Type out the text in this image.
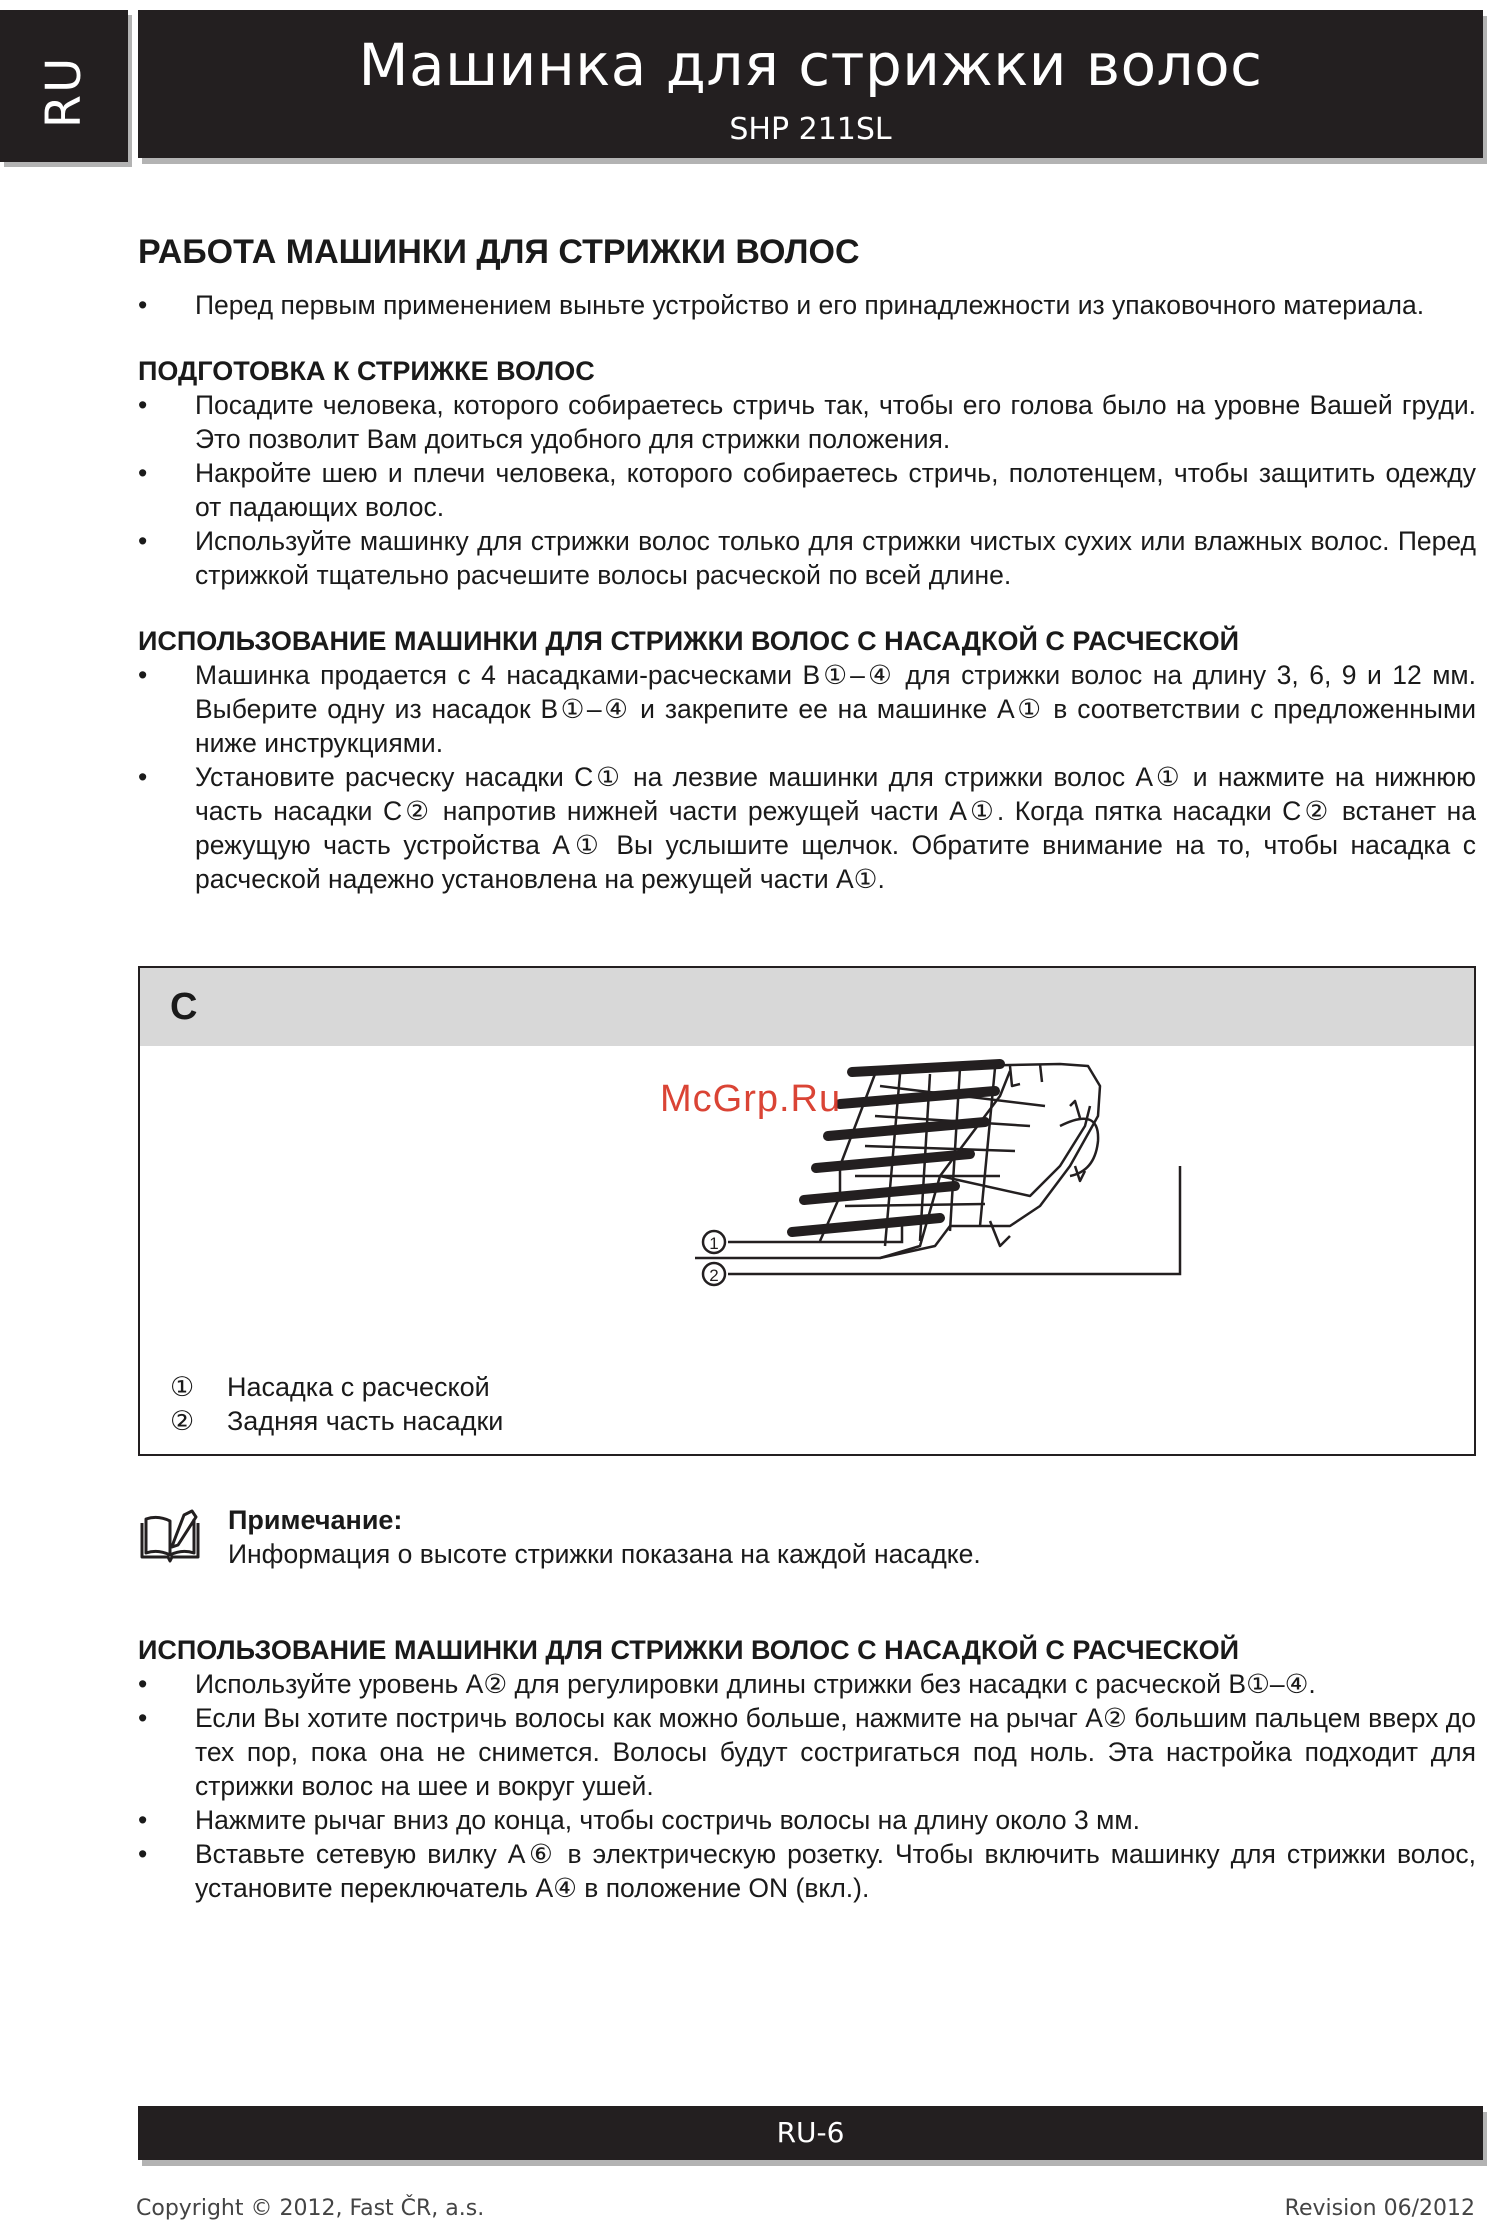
RU	Машинка для стрижки волос
SHP 211SL
РАБОТА МАШИНКИ ДЛЯ СТРИЖКИ ВОЛОС
• Перед первым применением выньте устройство и его принадлежности из упаковочного материала.
ПОДГОТОВКА К СТРИЖКЕ ВОЛОС
• Посадите человека, которого собираетесь стричь так, чтобы его голова было на уровне Вашей груди. Это позволит Вам доиться удобного для стрижки положения.
• Накройте шею и плечи человека, которого собираетесь стричь, полотенцем, чтобы защитить одежду от падающих волос.
• Используйте машинку для стрижки волос только для стрижки чистых сухих или влажных волос. Перед стрижкой тщательно расчешите волосы расческой по всей длине.
ИСПОЛЬЗОВАНИЕ МАШИНКИ ДЛЯ СТРИЖКИ ВОЛОС С НАСАДКОЙ С РАСЧЕСКОЙ
• Машинка продается с 4 насадками-расческами B①–④ для стрижки волос на длину 3, 6, 9 и 12 мм. Выберите одну из насадок B①–④ и закрепите ее на машинке A① в соответствии с предложенными ниже инструкциями.
• Установите расческу насадки C① на лезвие машинки для стрижки волос A① и нажмите на нижнюю часть насадки C② напротив нижней части режущей части A①. Когда пятка насадки C② встанет на режущую часть устройства A① Вы услышите щелчок. Обратите внимание на то, чтобы насадка с расческой надежно установлена на режущей части A①.
C
1
2
McGrp.Ru
①	Насадка с расческой
②	Задняя часть насадки
Примечание:
Информация о высоте стрижки показана на каждой насадке.
ИСПОЛЬЗОВАНИЕ МАШИНКИ ДЛЯ СТРИЖКИ ВОЛОС С НАСАДКОЙ С РАСЧЕСКОЙ
• Используйте уровень A② для регулировки длины стрижки без насадки с расческой B①–④.
• Если Вы хотите постричь волосы как можно больше, нажмите на рычаг A② большим пальцем вверх до тех пор, пока она не снимется. Волосы будут состригаться под ноль. Эта настройка подходит для стрижки волос на шее и вокруг ушей.
• Нажмите рычаг вниз до конца, чтобы состричь волосы на длину около 3 мм.
• Вставьте сетевую вилку A⑥ в электрическую розетку. Чтобы включить машинку для стрижки волос, установите переключатель A④ в положение ON (вкл.).
RU-6
Copyright © 2012, Fast ČR, a.s.	Revision 06/2012
